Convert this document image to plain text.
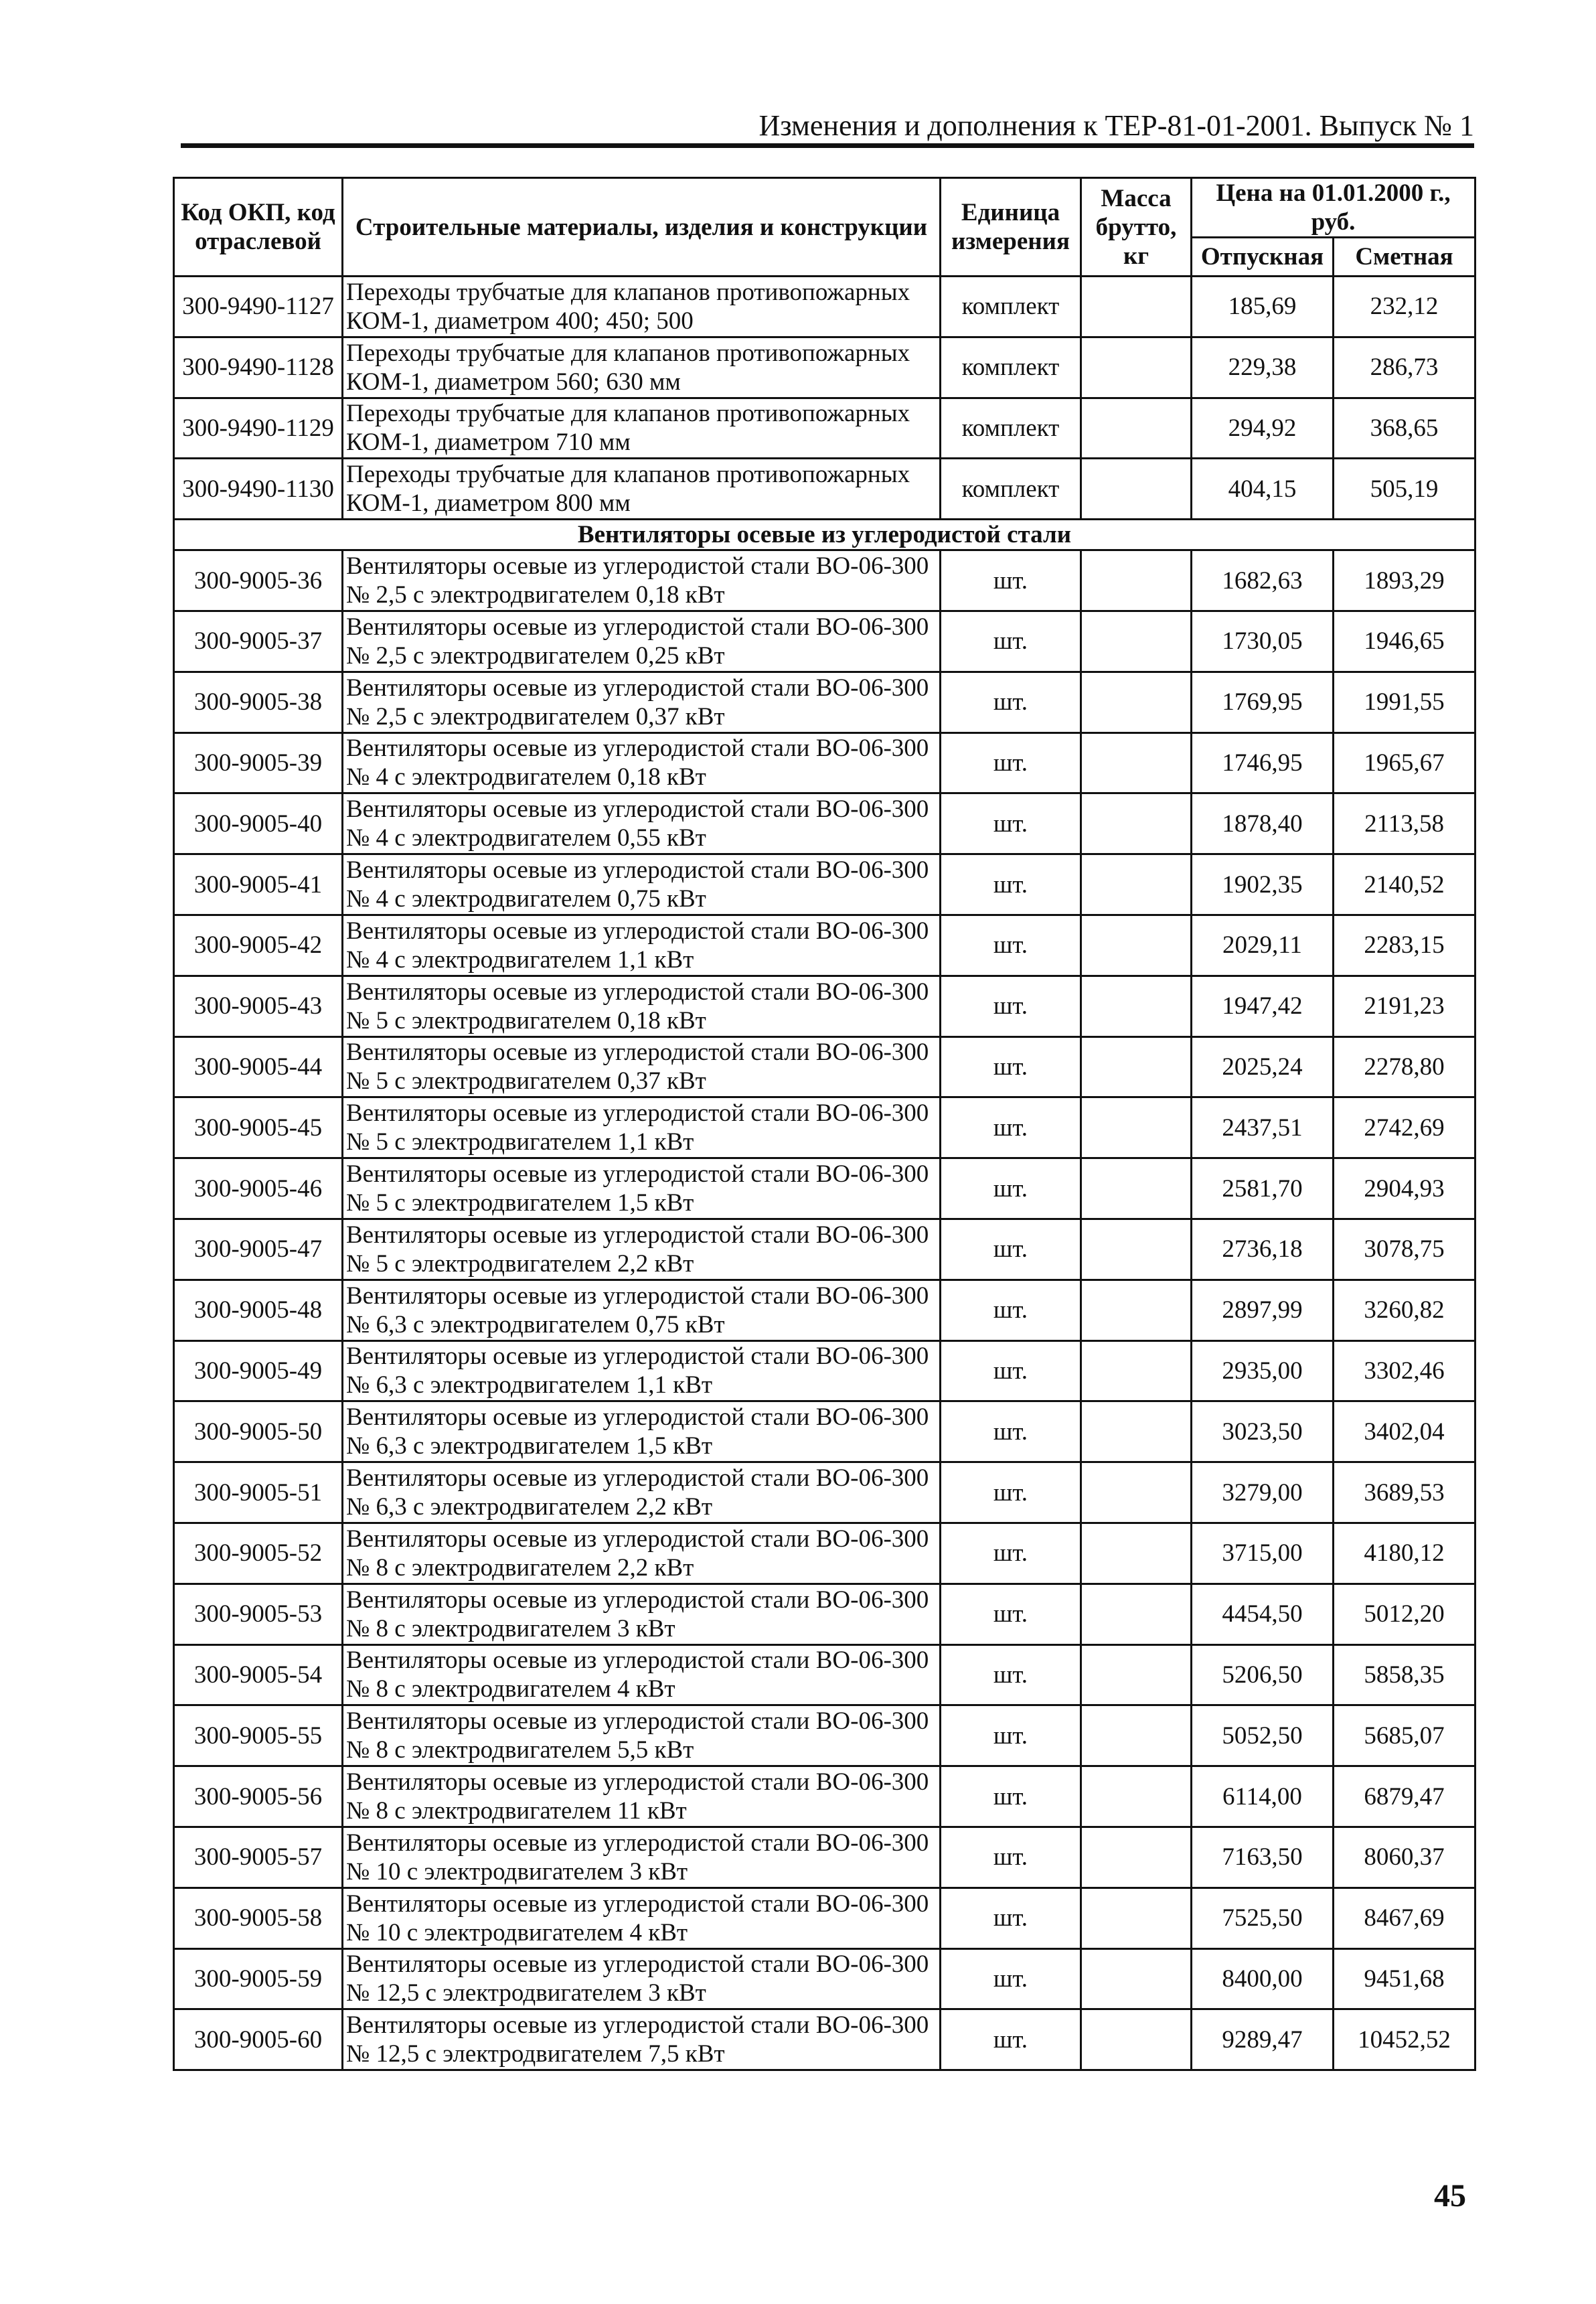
Изменения и дополнения к ТЕР-81-01-2001. Выпуск № 1
Код ОКП, код отраслевой	Строительные материалы, изделия и конструкции	Единица измерения	Масса брутто, кг	Цена на 01.01.2000 г., руб.	
				Отпускная	Сметная
300-9490-1127	Переходы трубчатые для клапанов противопожарных КОМ-1, диаметром 400; 450; 500	комплект		185,69	232,12
300-9490-1128	Переходы трубчатые для клапанов противопожарных КОМ-1, диаметром 560; 630 мм	комплект		229,38	286,73
300-9490-1129	Переходы трубчатые для клапанов противопожарных КОМ-1, диаметром 710 мм	комплект		294,92	368,65
300-9490-1130	Переходы трубчатые для клапанов противопожарных КОМ-1, диаметром 800 мм	комплект		404,15	505,19
Вентиляторы осевые из углеродистой стали					
300-9005-36	Вентиляторы осевые из углеродистой стали ВО-06-300 № 2,5 с электродвигателем 0,18 кВт	шт.		1682,63	1893,29
300-9005-37	Вентиляторы осевые из углеродистой стали ВО-06-300 № 2,5 с электродвигателем 0,25 кВт	шт.		1730,05	1946,65
300-9005-38	Вентиляторы осевые из углеродистой стали ВО-06-300 № 2,5 с электродвигателем 0,37 кВт	шт.		1769,95	1991,55
300-9005-39	Вентиляторы осевые из углеродистой стали ВО-06-300 № 4 с электродвигателем 0,18 кВт	шт.		1746,95	1965,67
300-9005-40	Вентиляторы осевые из углеродистой стали ВО-06-300 № 4 с электродвигателем 0,55 кВт	шт.		1878,40	2113,58
300-9005-41	Вентиляторы осевые из углеродистой стали ВО-06-300 № 4 с электродвигателем 0,75 кВт	шт.		1902,35	2140,52
300-9005-42	Вентиляторы осевые из углеродистой стали ВО-06-300 № 4 с электродвигателем 1,1 кВт	шт.		2029,11	2283,15
300-9005-43	Вентиляторы осевые из углеродистой стали ВО-06-300 № 5 с электродвигателем 0,18 кВт	шт.		1947,42	2191,23
300-9005-44	Вентиляторы осевые из углеродистой стали ВО-06-300 № 5 с электродвигателем 0,37 кВт	шт.		2025,24	2278,80
300-9005-45	Вентиляторы осевые из углеродистой стали ВО-06-300 № 5 с электродвигателем 1,1 кВт	шт.		2437,51	2742,69
300-9005-46	Вентиляторы осевые из углеродистой стали ВО-06-300 № 5 с электродвигателем 1,5 кВт	шт.		2581,70	2904,93
300-9005-47	Вентиляторы осевые из углеродистой стали ВО-06-300 № 5 с электродвигателем 2,2 кВт	шт.		2736,18	3078,75
300-9005-48	Вентиляторы осевые из углеродистой стали ВО-06-300 № 6,3 с электродвигателем 0,75 кВт	шт.		2897,99	3260,82
300-9005-49	Вентиляторы осевые из углеродистой стали ВО-06-300 № 6,3 с электродвигателем 1,1 кВт	шт.		2935,00	3302,46
300-9005-50	Вентиляторы осевые из углеродистой стали ВО-06-300 № 6,3 с электродвигателем 1,5 кВт	шт.		3023,50	3402,04
300-9005-51	Вентиляторы осевые из углеродистой стали ВО-06-300 № 6,3 с электродвигателем 2,2 кВт	шт.		3279,00	3689,53
300-9005-52	Вентиляторы осевые из углеродистой стали ВО-06-300 № 8 с электродвигателем 2,2 кВт	шт.		3715,00	4180,12
300-9005-53	Вентиляторы осевые из углеродистой стали ВО-06-300 № 8 с электродвигателем 3 кВт	шт.		4454,50	5012,20
300-9005-54	Вентиляторы осевые из углеродистой стали ВО-06-300 № 8 с электродвигателем 4 кВт	шт.		5206,50	5858,35
300-9005-55	Вентиляторы осевые из углеродистой стали ВО-06-300 № 8 с электродвигателем 5,5 кВт	шт.		5052,50	5685,07
300-9005-56	Вентиляторы осевые из углеродистой стали ВО-06-300 № 8 с электродвигателем 11 кВт	шт.		6114,00	6879,47
300-9005-57	Вентиляторы осевые из углеродистой стали ВО-06-300 № 10 с электродвигателем 3 кВт	шт.		7163,50	8060,37
300-9005-58	Вентиляторы осевые из углеродистой стали ВО-06-300 № 10 с электродвигателем 4 кВт	шт.		7525,50	8467,69
300-9005-59	Вентиляторы осевые из углеродистой стали ВО-06-300 № 12,5 с электродвигателем 3 кВт	шт.		8400,00	9451,68
300-9005-60	Вентиляторы осевые из углеродистой стали ВО-06-300 № 12,5 с электродвигателем 7,5 кВт	шт.		9289,47	10452,52
45
